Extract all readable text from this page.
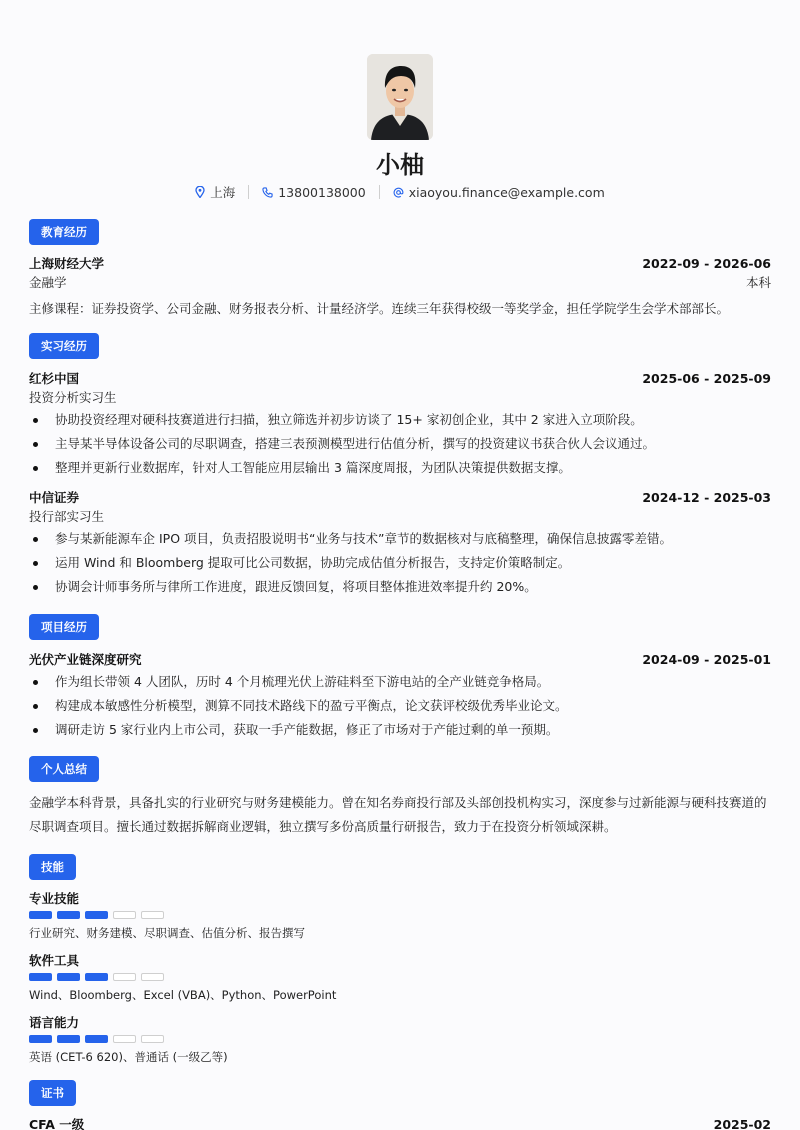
小柚
上海	13800138000	xiaoyou.finance@example.com
教育经历
上海财经大学	2022-09 - 2026-06
金融学	本科
主修课程：证券投资学、公司金融、财务报表分析、计量经济学。连续三年获得校级一等奖学金，担任学院学生会学术部部长。
实习经历
红杉中国	2025-06 - 2025-09
投资分析实习生
协助投资经理对硬科技赛道进行扫描，独立筛选并初步访谈了 15+ 家初创企业，其中 2 家进入立项阶段。
主导某半导体设备公司的尽职调查，搭建三表预测模型进行估值分析，撰写的投资建议书获合伙人会议通过。
整理并更新行业数据库，针对人工智能应用层输出 3 篇深度周报，为团队决策提供数据支撑。
中信证券	2024-12 - 2025-03
投行部实习生
参与某新能源车企 IPO 项目，负责招股说明书“业务与技术”章节的数据核对与底稿整理，确保信息披露零差错。
运用 Wind 和 Bloomberg 提取可比公司数据，协助完成估值分析报告，支持定价策略制定。
协调会计师事务所与律所工作进度，跟进反馈回复，将项目整体推进效率提升约 20%。
项目经历
光伏产业链深度研究	2024-09 - 2025-01
作为组长带领 4 人团队，历时 4 个月梳理光伏上游硅料至下游电站的全产业链竞争格局。
构建成本敏感性分析模型，测算不同技术路线下的盈亏平衡点，论文获评校级优秀毕业论文。
调研走访 5 家行业内上市公司，获取一手产能数据，修正了市场对于产能过剩的单一预期。
个人总结
金融学本科背景，具备扎实的行业研究与财务建模能力。曾在知名券商投行部及头部创投机构实习，深度参与过新能源与硬科技赛道的尽职调查项目。擅长通过数据拆解商业逻辑，独立撰写多份高质量行研报告，致力于在投资分析领域深耕。
技能
专业技能
行业研究、财务建模、尽职调查、估值分析、报告撰写
软件工具
Wind、Bloomberg、Excel (VBA)、Python、PowerPoint
语言能力
英语 (CET-6 620)、普通话 (一级乙等)
证书
CFA 一级	2025-02
